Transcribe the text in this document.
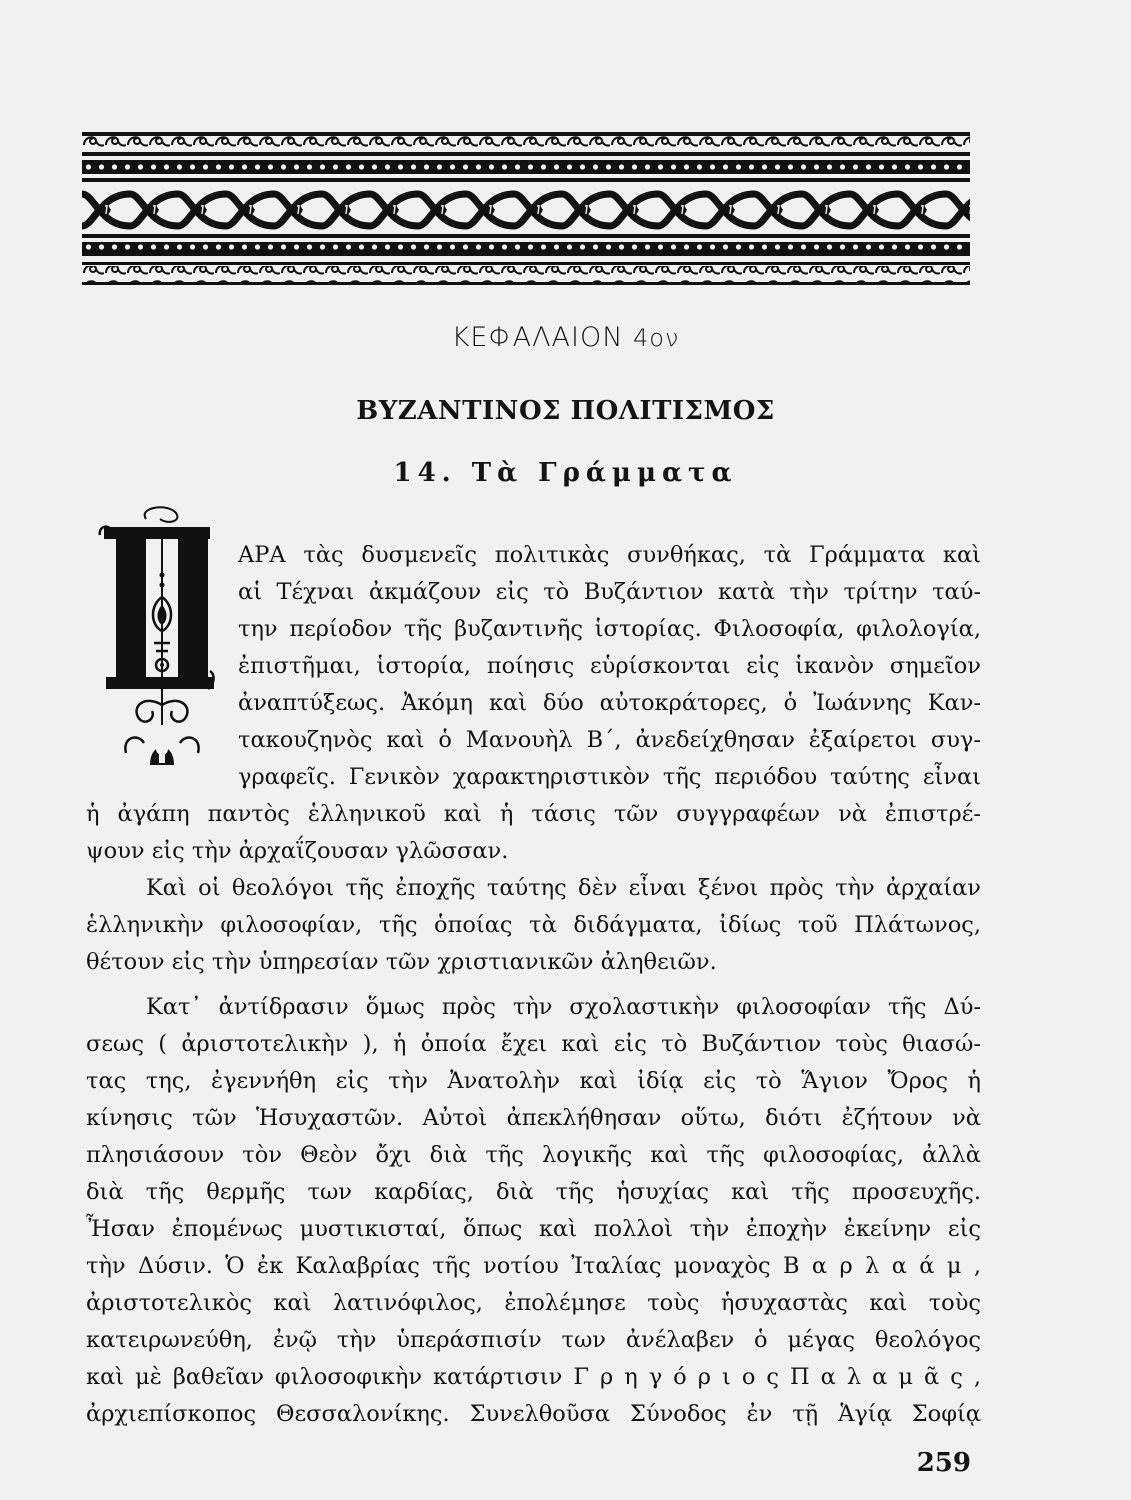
ΚΕΦΑΛΑΙΟΝ 4ον
ΒΥΖΑΝΤΙΝΟΣ ΠΟΛΙΤΙΣΜΟΣ
14. Τὰ Γράμματα
Π
ΑΡΑ τὰς δυσμενεῖς πολιτικὰς συνθήκας, τὰ Γράμματα καὶ
αἱ Τέχναι ἀκμάζουν εἰς τὸ Βυζάντιον κατὰ τὴν τρίτην ταύ-
την περίοδον τῆς βυζαντινῆς ἱστορίας. Φιλοσοφία, φιλολογία,
ἐπιστῆμαι, ἱστορία, ποίησις εὑρίσκονται εἰς ἱκανὸν σημεῖον
ἀναπτύξεως. Ἀκόμη καὶ δύο αὐτοκράτορες, ὁ Ἰωάννης Καν-
τακουζηνὸς καὶ ὁ Μανουὴλ Β΄, ἀνεδείχθησαν ἐξαίρετοι συγ-
γραφεῖς. Γενικὸν χαρακτηριστικὸν τῆς περιόδου ταύτης εἶναι
ἡ ἀγάπη παντὸς ἑλληνικοῦ καὶ ἡ τάσις τῶν συγγραφέων νὰ ἐπιστρέ-
ψουν εἰς τὴν ἀρχαΐζουσαν γλῶσσαν.
Καὶ οἱ θεολόγοι τῆς ἐποχῆς ταύτης δὲν εἶναι ξένοι πρὸς τὴν ἀρχαίαν
ἑλληνικὴν φιλοσοφίαν, τῆς ὁποίας τὰ διδάγματα, ἰδίως τοῦ Πλάτωνος,
θέτουν εἰς τὴν ὑπηρεσίαν τῶν χριστιανικῶν ἀληθειῶν.
Κατ᾽ ἀντίδρασιν ὅμως πρὸς τὴν σχολαστικὴν φιλοσοφίαν τῆς Δύ-
σεως ( ἀριστοτελικὴν ), ἡ ὁποία ἔχει καὶ εἰς τὸ Βυζάντιον τοὺς θιασώ-
τας της, ἐγεννήθη εἰς τὴν Ἀνατολὴν καὶ ἰδίᾳ εἰς τὸ Ἅγιον Ὄρος ἡ
κίνησις τῶν Ἡσυχαστῶν. Αὐτοὶ ἀπεκλήθησαν οὕτω, διότι ἐζήτουν νὰ
πλησιάσουν τὸν Θεὸν ὄχι διὰ τῆς λογικῆς καὶ τῆς φιλοσοφίας, ἀλλὰ
διὰ τῆς θερμῆς των καρδίας, διὰ τῆς ἡσυχίας καὶ τῆς προσευχῆς.
Ἦσαν ἐπομένως μυστικισταί, ὅπως καὶ πολλοὶ τὴν ἐποχὴν ἐκείνην εἰς
τὴν Δύσιν. Ὁ ἐκ Καλαβρίας τῆς νοτίου Ἰταλίας μοναχὸς Β α ρ λ α ά μ ,
ἀριστοτελικὸς καὶ λατινόφιλος, ἐπολέμησε τοὺς ἡσυχαστὰς καὶ τοὺς
κατειρωνεύθη, ἐνῷ τὴν ὑπεράσπισίν των ἀνέλαβεν ὁ μέγας θεολόγος
καὶ μὲ βαθεῖαν φιλοσοφικὴν κατάρτισιν Γ ρ η γ ό ρ ι ο ς Π α λ α μ ᾶ ς ,
ἀρχιεπίσκοπος Θεσσαλονίκης. Συνελθοῦσα Σύνοδος ἐν τῇ Ἁγίᾳ Σοφίᾳ
259
